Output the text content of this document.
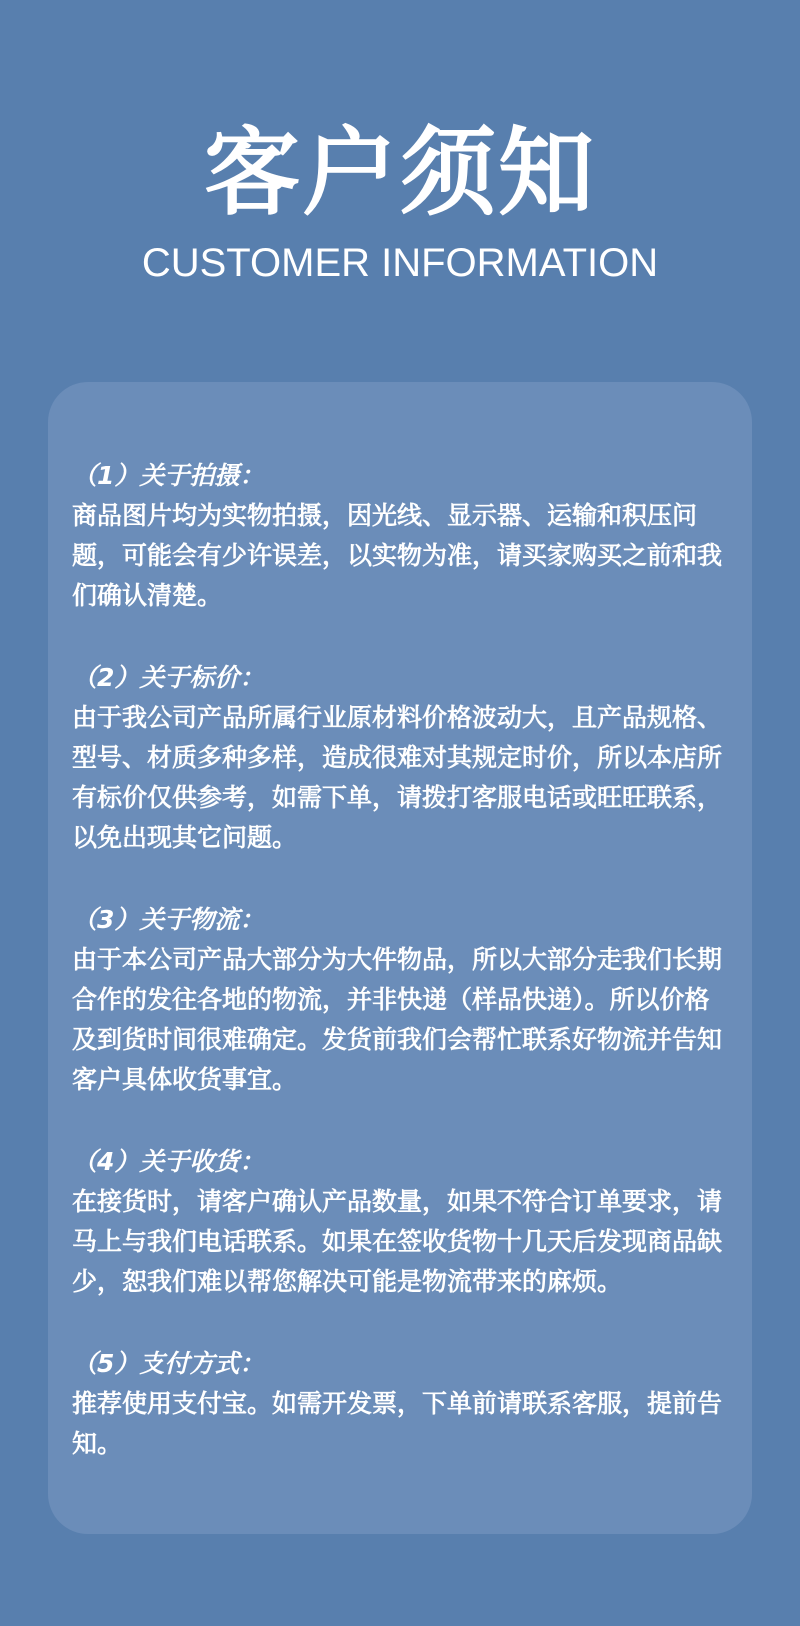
客户须知
CUSTOMER INFORMATION
（1）关于拍摄：
商品图片均为实物拍摄，因光线、显示器、运输和积压问题，可能会有少许误差，以实物为准，请买家购买之前和我们确认清楚。
（2）关于标价：
由于我公司产品所属行业原材料价格波动大，且产品规格、型号、材质多种多样，造成很难对其规定时价，所以本店所有标价仅供参考，如需下单，请拨打客服电话或旺旺联系，以免出现其它问题。
（3）关于物流：
由于本公司产品大部分为大件物品，所以大部分走我们长期合作的发往各地的物流，并非快递（样品快递）。所以价格及到货时间很难确定。发货前我们会帮忙联系好物流并告知客户具体收货事宜。
（4）关于收货：
在接货时，请客户确认产品数量，如果不符合订单要求，请马上与我们电话联系。如果在签收货物十几天后发现商品缺少，恕我们难以帮您解决可能是物流带来的麻烦。
（5）支付方式：
推荐使用支付宝。如需开发票，下单前请联系客服，提前告知。
